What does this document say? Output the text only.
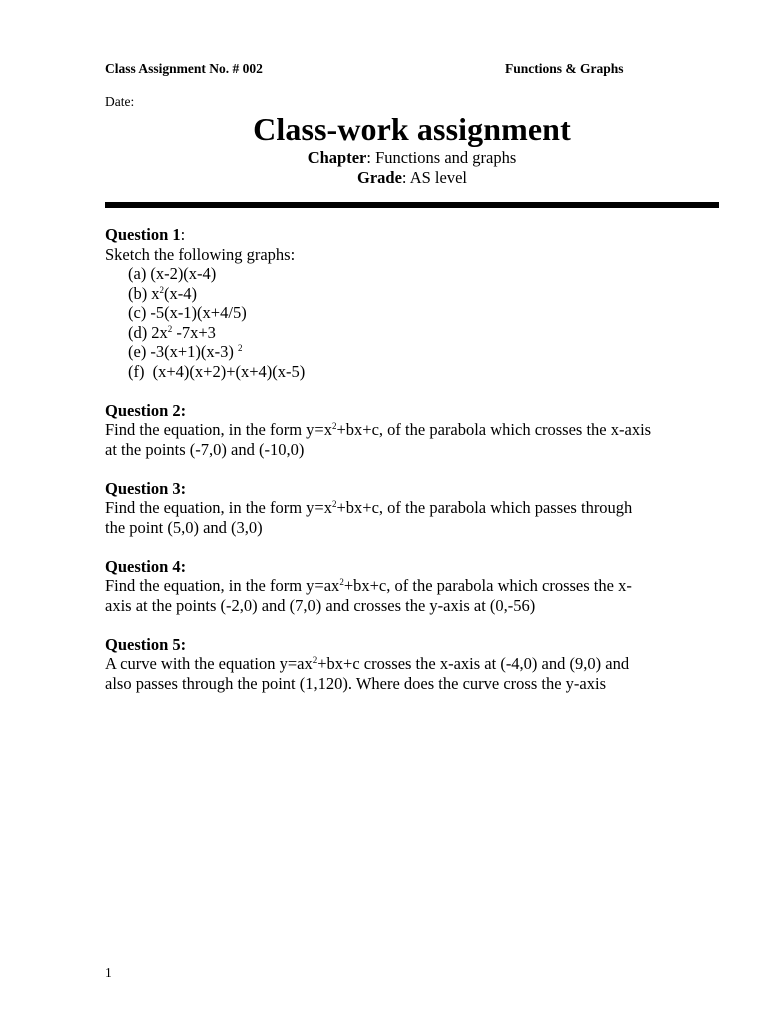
Class Assignment No. # 002	Functions & Graphs
Date:

Class-work assignment

Chapter: Functions and graphs

Grade: AS level

Question 1:

Sketch the following graphs:

(a) (x-2)(x-4)
(b) $x^2(x-4)$
(c) -5(x-1)(x+4/5)
(d) $2x^2$ -7x+3
(e) -3(x+1)(x-3) $^2$
(f) (x+4)(x+2)+(x+4)(x-5)

Question 2:

Find the equation, in the form $y=x^2+bx+c$, of the parabola which crosses the x-axis
at the points (-7,0) and (-10,0)

Question 3:

Find the equation, in the form $y=x^2+bx+c$, of the parabola which passes through
the point (5,0) and (3,0)

Question 4:

Find the equation, in the form $y=ax^2+bx+c$, of the parabola which crosses the x-
axis at the points (-2,0) and (7,0) and crosses the y-axis at (0,-56)

Question 5:

A curve with the equation $y=ax^2+bx+c$ crosses the x-axis at (-4,0) and (9,0) and
also passes through the point (1,120). Where does the curve cross the y-axis

1
